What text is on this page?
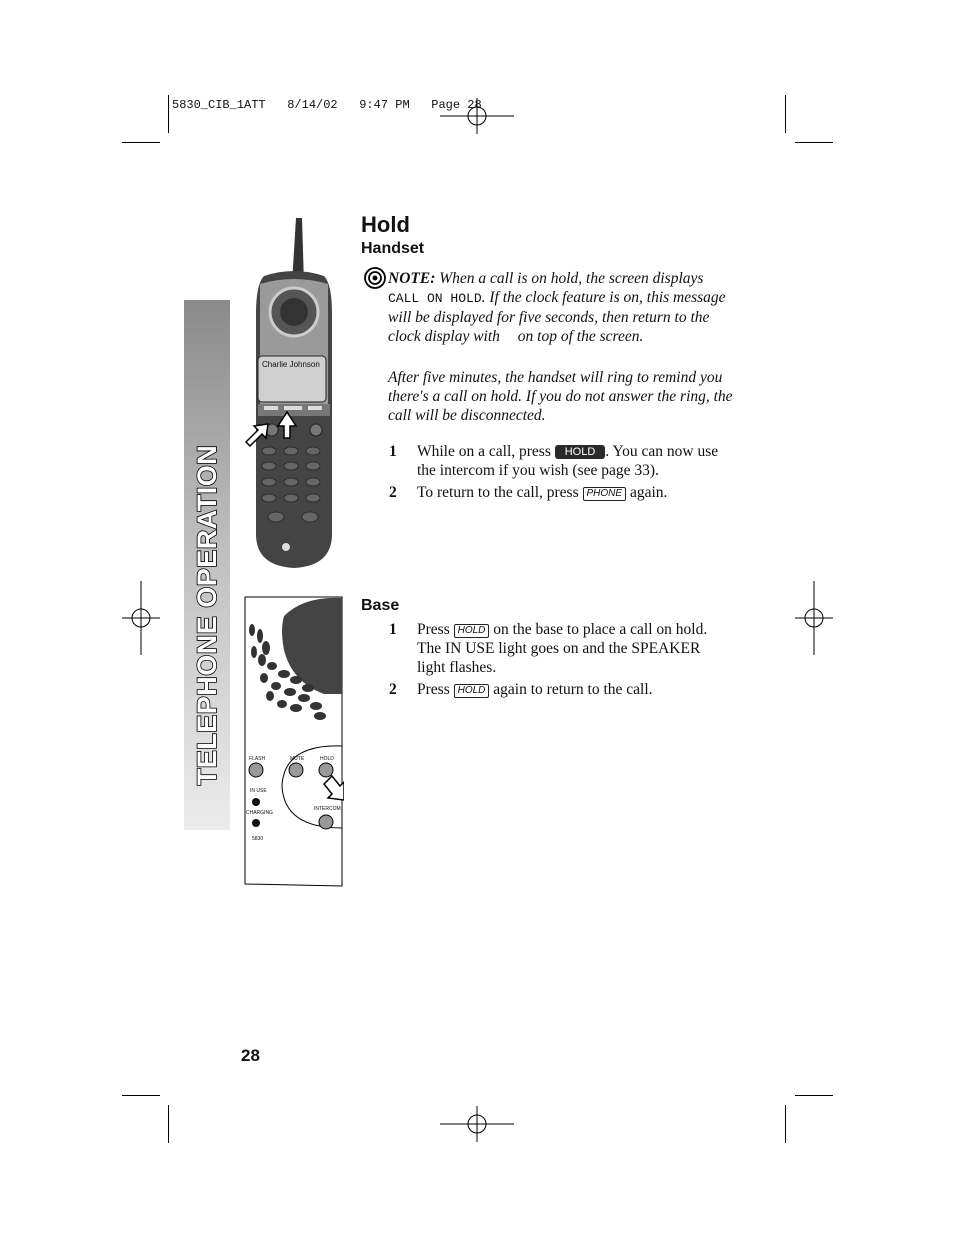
5830_CIB_1ATT   8/14/02   9:47 PM   Page 28
TELEPHONE OPERATION
Charlie Johnson
FLASH	MUTE	HOLD
IN USE
CHARGING
INTERCOM
5830
Hold
Handset
NOTE: When a call is on hold, the screen displays CALL ON HOLD. If the clock feature is on, this message will be displayed for five seconds, then return to the clock display with on top of the screen.
After five minutes, the handset will ring to remind you there's a call on hold. If you do not answer the ring, the call will be disconnected.
1 While on a call, press HOLD . You can now use the intercom if you wish (see page 33).
2 To return to the call, press PHONE again.
Base
1 Press HOLD on the base to place a call on hold. The IN USE light goes on and the SPEAKER light flashes.
2 Press HOLD again to return to the call.
28
